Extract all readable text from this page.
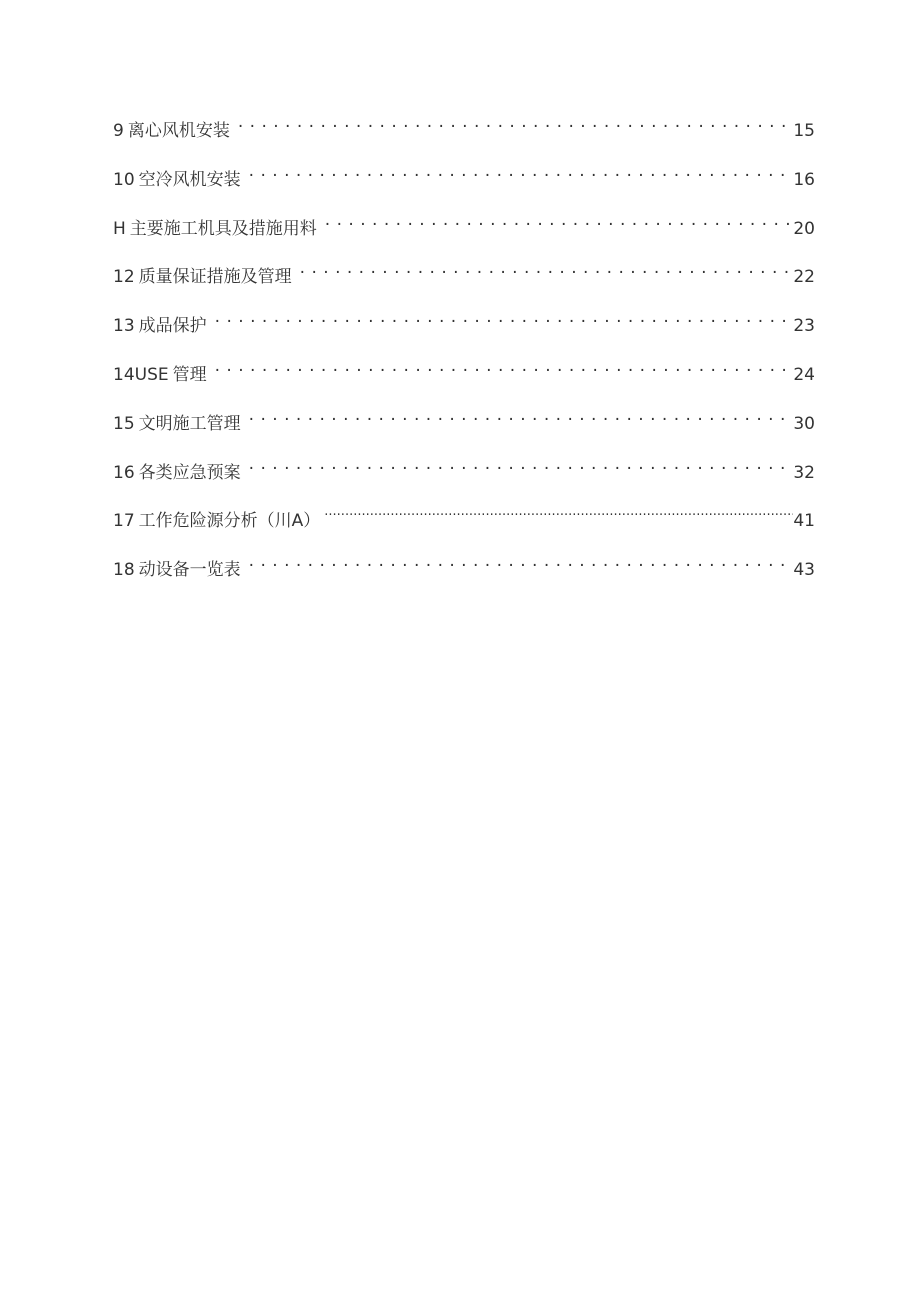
9 离心风机安装 . . .	15
10 空冷风机安装 . . .	16
H 主要施工机具及措施用料 . . .	20
12 质量保证措施及管理 . . .	22
13 成品保护 . . .	23
14USE 管理 . . .	24
15 文明施工管理 . . .	30
16 各类应急预案 . . .	32
17 工作危险源分析（川A） .....	41
18 动设备一览表 . . .	43
